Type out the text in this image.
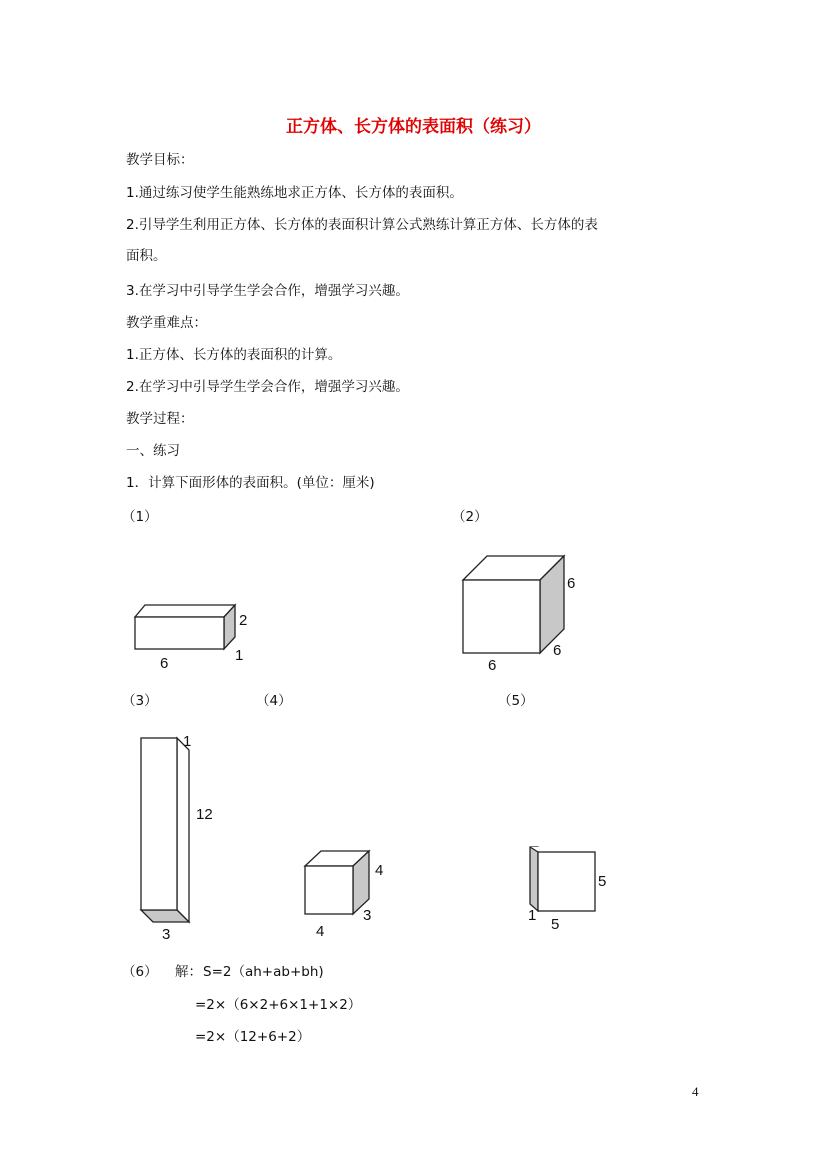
正方体、长方体的表面积（练习）
教学目标：
1.通过练习使学生能熟练地求正方体、长方体的表面积。
2.引导学生利用正方体、长方体的表面积计算公式熟练计算正方体、长方体的表
面积。
3.在学习中引导学生学会合作，增强学习兴趣。
教学重难点：
1.正方体、长方体的表面积的计算。
2.在学习中引导学生学会合作，增强学习兴趣。
教学过程：
一、练习
1．计算下面形体的表面积。(单位：厘米)
（1）	（2）
（3）	（4）	（5）
2
1
6
6
6
6
1
12
3
4
3
4
5
1
5
（6） 解： S=2（ah+ab+bh)
=2×（6×2+6×1+1×2）
=2×（12+6+2）
4
